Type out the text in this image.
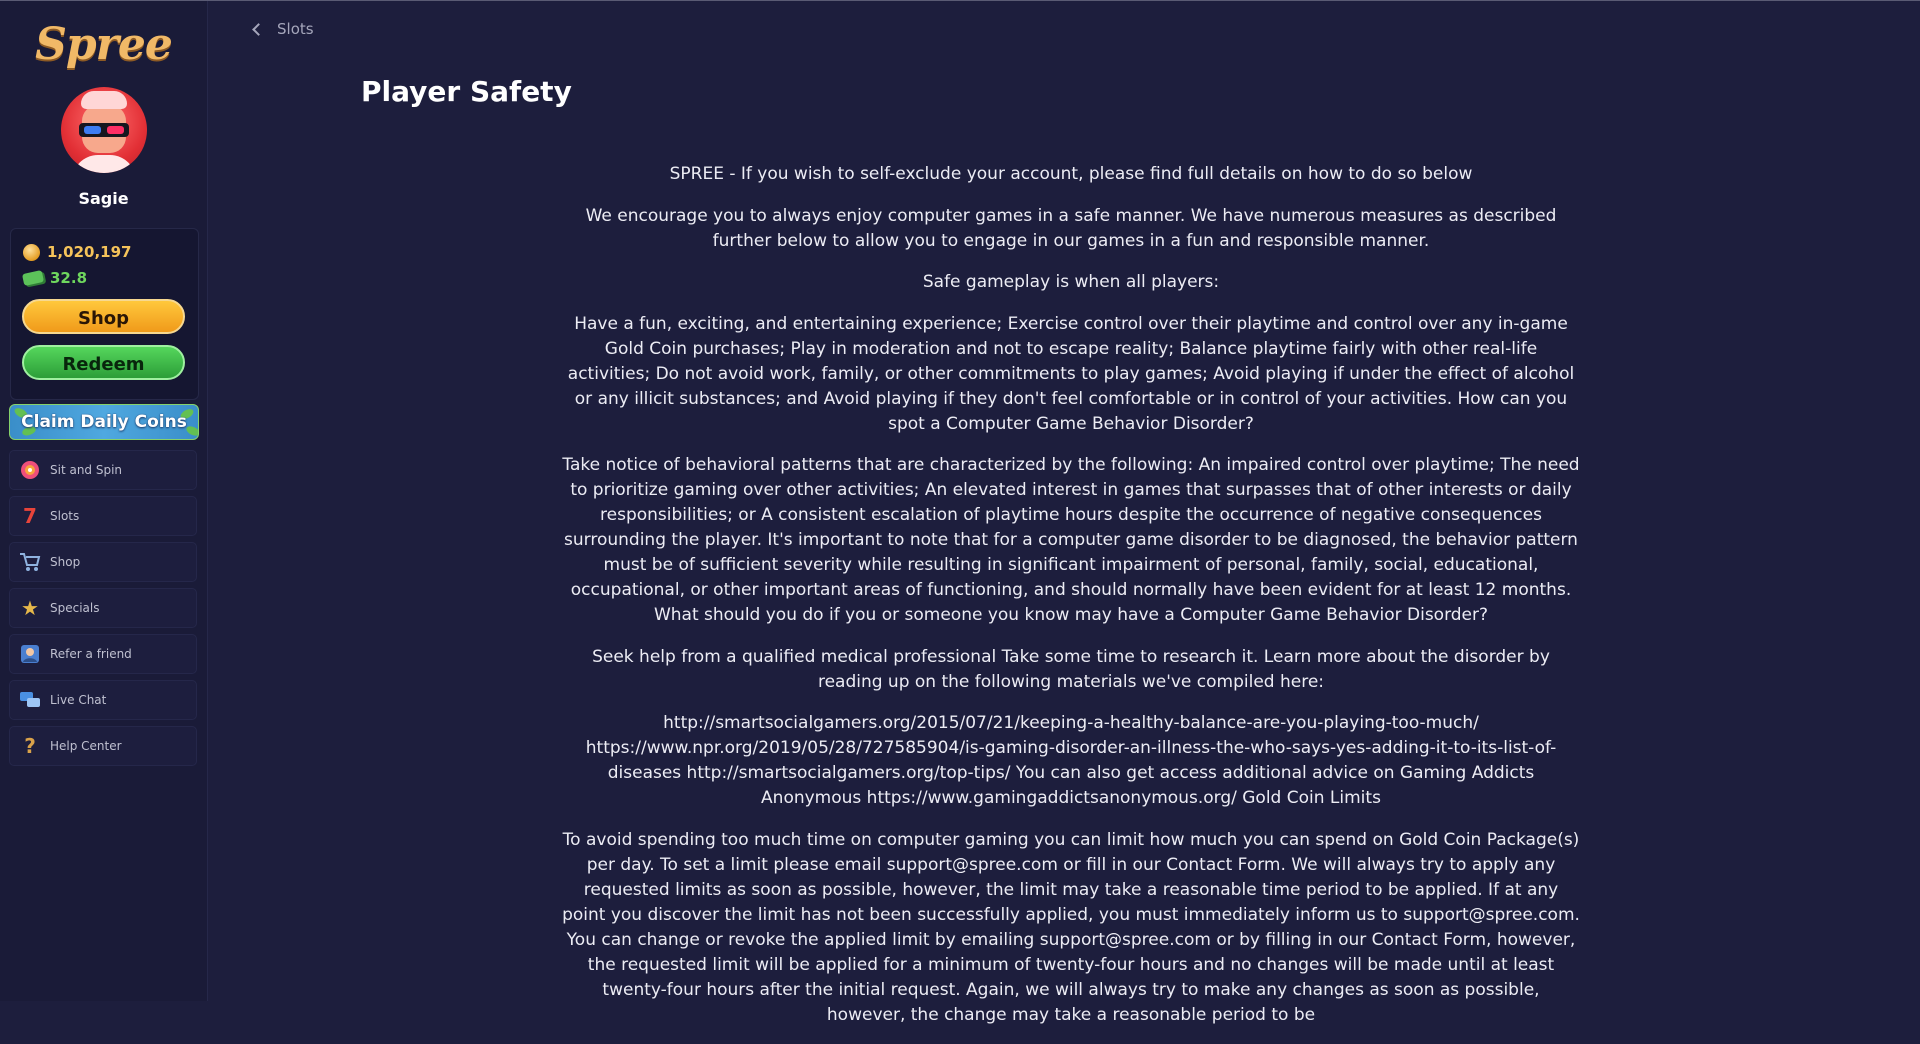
Spree
Sagie
1,020,197
32.8
Shop
Redeem
Claim Daily Coins
Sit and Spin
7	Slots
Shop
★ Specials
Refer a friend
Live Chat
?	Help Center
Slots
Player Safety

SPREE - If you wish to self-exclude your account, please find full details on how to do so below

We encourage you to always enjoy computer games in a safe manner. We have numerous measures as described further below to allow you to engage in our games in a fun and responsible manner.

Safe gameplay is when all players:

Have a fun, exciting, and entertaining experience; Exercise control over their playtime and control over any in-game Gold Coin purchases; Play in moderation and not to escape reality; Balance playtime fairly with other real-life activities; Do not avoid work, family, or other commitments to play games; Avoid playing if under the effect of alcohol or any illicit substances; and Avoid playing if they don't feel comfortable or in control of your activities. How can you spot a Computer Game Behavior Disorder?

Take notice of behavioral patterns that are characterized by the following: An impaired control over playtime; The need to prioritize gaming over other activities; An elevated interest in games that surpasses that of other interests or daily responsibilities; or A consistent escalation of playtime hours despite the occurrence of negative consequences surrounding the player. It's important to note that for a computer game disorder to be diagnosed, the behavior pattern must be of sufficient severity while resulting in significant impairment of personal, family, social, educational, occupational, or other important areas of functioning, and should normally have been evident for at least 12 months. What should you do if you or someone you know may have a Computer Game Behavior Disorder?

Seek help from a qualified medical professional Take some time to research it. Learn more about the disorder by reading up on the following materials we've compiled here:

http://smartsocialgamers.org/2015/07/21/keeping-a-healthy-balance-are-you-playing-too-much/ https://www.npr.org/2019/05/28/727585904/is-gaming-disorder-an-illness-the-who-says-yes-adding-it-to-its-list-of-diseases http://smartsocialgamers.org/top-tips/ You can also get access additional advice on Gaming Addicts Anonymous https://www.gamingaddictsanonymous.org/ Gold Coin Limits

To avoid spending too much time on computer gaming you can limit how much you can spend on Gold Coin Package(s) per day. To set a limit please email support@spree.com or fill in our Contact Form. We will always try to apply any requested limits as soon as possible, however, the limit may take a reasonable time period to be applied. If at any point you discover the limit has not been successfully applied, you must immediately inform us to support@spree.com. You can change or revoke the applied limit by emailing support@spree.com or by filling in our Contact Form, however, the requested limit will be applied for a minimum of twenty-four hours and no changes will be made until at least twenty-four hours after the initial request. Again, we will always try to make any changes as soon as possible, however, the change may take a reasonable period to be
